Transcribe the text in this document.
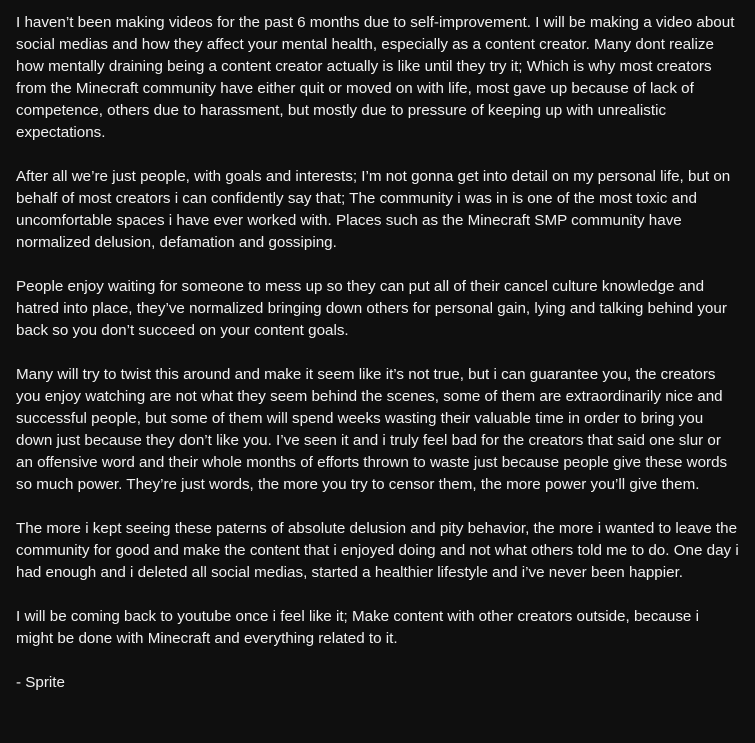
I haven’t been making videos for the past 6 months due to self-improvement. I will be making a video about social medias and how they affect your mental health, especially as a content creator. Many dont realize how mentally draining being a content creator actually is like until they try it; Which is why most creators from the Minecraft community have either quit or moved on with life, most gave up because of lack of competence, others due to harassment, but mostly due to pressure of keeping up with unrealistic expectations.

After all we’re just people, with goals and interests; I’m not gonna get into detail on my personal life, but on behalf of most creators i can confidently say that; The community i was in is one of the most toxic and uncomfortable spaces i have ever worked with. Places such as the Minecraft SMP community have normalized delusion, defamation and gossiping.

People enjoy waiting for someone to mess up so they can put all of their cancel culture knowledge and hatred into place, they’ve normalized bringing down others for personal gain, lying and talking behind your back so you don’t succeed on your content goals.

Many will try to twist this around and make it seem like it’s not true, but i can guarantee you, the creators you enjoy watching are not what they seem behind the scenes, some of them are extraordinarily nice and successful people, but some of them will spend weeks wasting their valuable time in order to bring you down just because they don’t like you. I’ve seen it and i truly feel bad for the creators that said one slur or an offensive word and their whole months of efforts thrown to waste just because people give these words so much power. They’re just words, the more you try to censor them, the more power you’ll give them.

The more i kept seeing these paterns of absolute delusion and pity behavior, the more i wanted to leave the community for good and make the content that i enjoyed doing and not what others told me to do. One day i had enough and i deleted all social medias, started a healthier lifestyle and i’ve never been happier.

I will be coming back to youtube once i feel like it; Make content with other creators outside, because i might be done with Minecraft and everything related to it.

- Sprite
